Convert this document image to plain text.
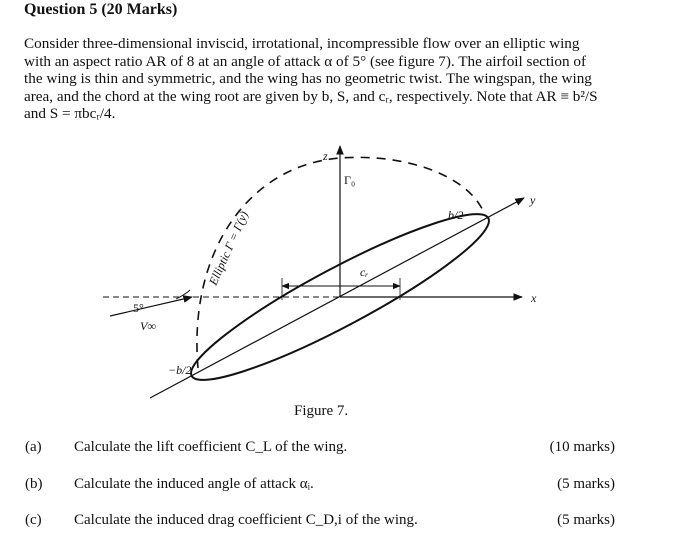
Question 5 (20 Marks)
Consider three-dimensional inviscid, irrotational, incompressible flow over an elliptic wing
with an aspect ratio AR of 8 at an angle of attack α of 5° (see figure 7). The airfoil section of
the wing is thin and symmetric, and the wing has no geometric twist. The wingspan, the wing
area, and the chord at the wing root are given by b, S, and cᵣ, respectively. Note that AR ≡ b²/S
and S = πbcᵣ/4.
z
Γ₀
y
x
b/2
−b/2
cᵣ
5°
V∞
Elliptic Γ = Γ(y)
Figure 7.
(a) Calculate the lift coefficient C_L of the wing.	(10 marks)
(b) Calculate the induced angle of attack αᵢ.	(5 marks)
(c) Calculate the induced drag coefficient C_D,i of the wing.	(5 marks)
